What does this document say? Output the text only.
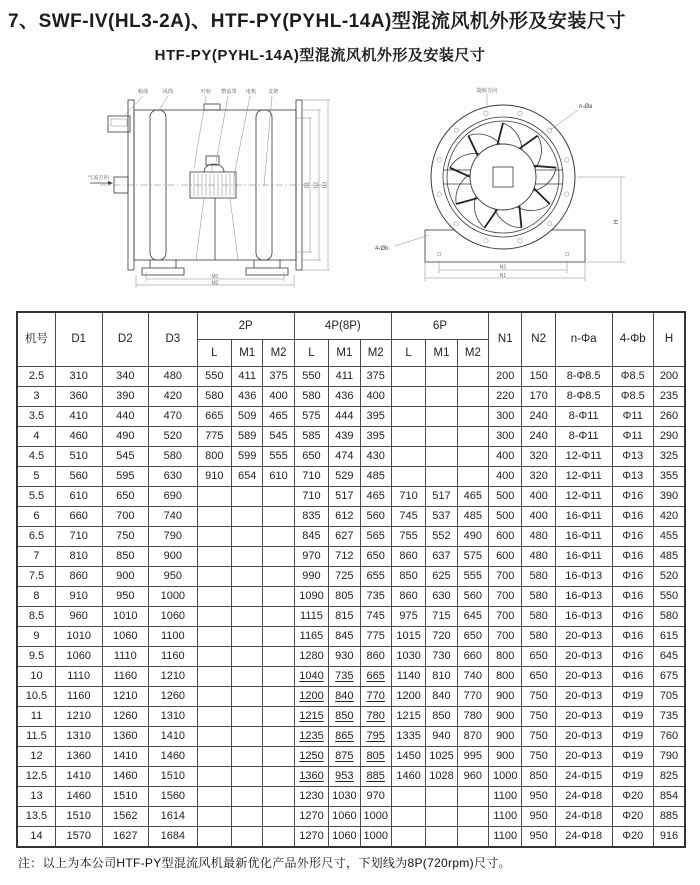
7、SWF-IV(HL3-2A)、HTF-PY(PYHL-14A)型混流风机外形及安装尺寸
HTF-PY(PYHL-14A)型混流风机外形及安装尺寸
箱体	风筒	叶轮 整流罩 电机 支架
气流方向
M1
M2
D1 D2 D3
旋转方向
n-Øa
4-Øb
H
N2
N1
机号	D1	D2	D3	2P			4P(8P)			6P			N1	N2	n-Φa	4-Φb	H
				L	M1	M2	L	M1	M2	L	M1	M2					
2.5	310	340	480	550	411	375	550	411	375				200	150	8-Φ8.5	Φ8.5	200
3	360	390	420	580	436	400	580	436	400				220	170	8-Φ8.5	Φ8.5	235
3.5	410	440	470	665	509	465	575	444	395				300	240	8-Φ11	Φ11	260
4	460	490	520	775	589	545	585	439	395				300	240	8-Φ11	Φ11	290
4.5	510	545	580	800	599	555	650	474	430				400	320	12-Φ11	Φ13	325
5	560	595	630	910	654	610	710	529	485				400	320	12-Φ11	Φ13	355
5.5	610	650	690				710	517	465	710	517	465	500	400	12-Φ11	Φ16	390
6	660	700	740				835	612	560	745	537	485	500	400	16-Φ11	Φ16	420
6.5	710	750	790				845	627	565	755	552	490	600	480	16-Φ11	Φ16	455
7	810	850	900				970	712	650	860	637	575	600	480	16-Φ11	Φ16	485
7.5	860	900	950				990	725	655	850	625	555	700	580	16-Φ13	Φ16	520
8	910	950	1000				1090	805	735	860	630	560	700	580	16-Φ13	Φ16	550
8.5	960	1010	1060				1115	815	745	975	715	645	700	580	16-Φ13	Φ16	580
9	1010	1060	1100				1165	845	775	1015	720	650	700	580	20-Φ13	Φ16	615
9.5	1060	1110	1160				1280	930	860	1030	730	660	800	650	20-Φ13	Φ16	645
10	1110	1160	1210				1040	735	665	1140	810	740	800	650	20-Φ13	Φ16	675
10.5	1160	1210	1260				1200	840	770	1200	840	770	900	750	20-Φ13	Φ19	705
11	1210	1260	1310				1215	850	780	1215	850	780	900	750	20-Φ13	Φ19	735
11.5	1310	1360	1410				1235	865	795	1335	940	870	900	750	20-Φ13	Φ19	760
12	1360	1410	1460				1250	875	805	1450	1025	995	900	750	20-Φ13	Φ19	790
12.5	1410	1460	1510				1360	953	885	1460	1028	960	1000	850	24-Φ15	Φ19	825
13	1460	1510	1560				1230	1030	970				1100	950	24-Φ18	Φ20	854
13.5	1510	1562	1614				1270	1060	1000				1100	950	24-Φ18	Φ20	885
14	1570	1627	1684				1270	1060	1000				1100	950	24-Φ18	Φ20	916
注：以上为本公司HTF-PY型混流风机最新优化产品外形尺寸，下划线为8P(720rpm)尺寸。
